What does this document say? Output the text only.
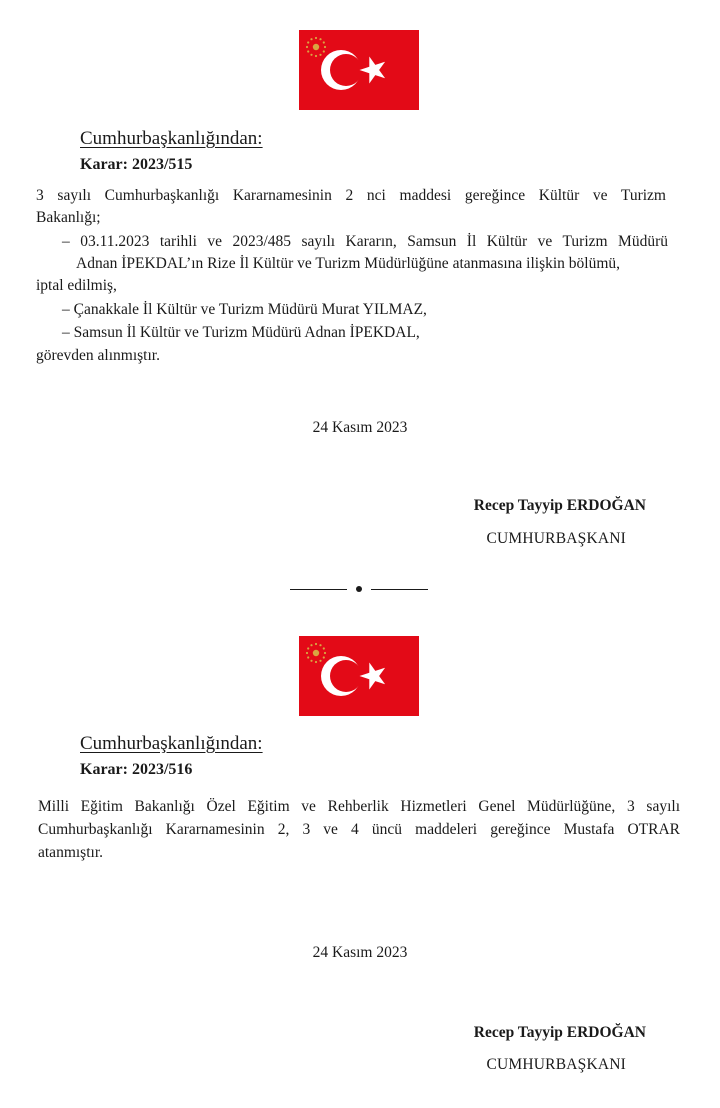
Cumhurbaşkanlığından:
Karar: 2023/515
3 sayılı Cumhurbaşkanlığı Kararnamesinin 2 nci maddesi gereğince Kültür ve Turizm
Bakanlığı;
– 03.11.2023 tarihli ve 2023/485 sayılı Kararın, Samsun İl Kültür ve Turizm Müdürü
Adnan İPEKDAL’ın Rize İl Kültür ve Turizm Müdürlüğüne atanmasına ilişkin bölümü,
iptal edilmiş,
– Çanakkale İl Kültür ve Turizm Müdürü Murat YILMAZ,
– Samsun İl Kültür ve Turizm Müdürü Adnan İPEKDAL,
görevden alınmıştır.
24 Kasım 2023
Recep Tayyip ERDOĞAN
CUMHURBAŞKANI
Cumhurbaşkanlığından:
Karar: 2023/516
Milli Eğitim Bakanlığı Özel Eğitim ve Rehberlik Hizmetleri Genel Müdürlüğüne, 3 sayılı
Cumhurbaşkanlığı Kararnamesinin 2, 3 ve 4 üncü maddeleri gereğince Mustafa OTRAR
atanmıştır.
24 Kasım 2023
Recep Tayyip ERDOĞAN
CUMHURBAŞKANI
